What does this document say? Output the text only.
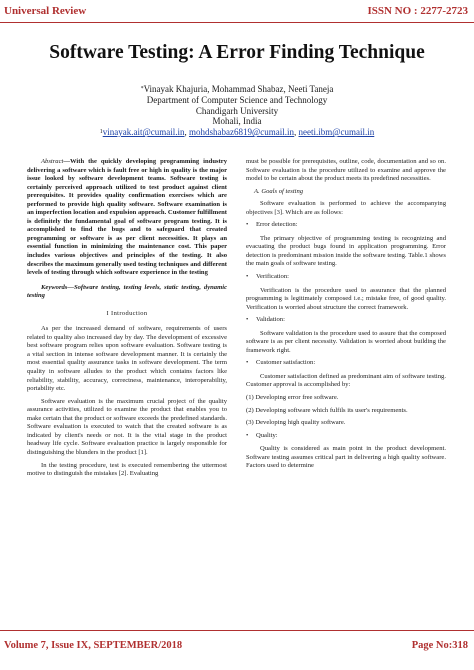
Universal Review	ISSN NO : 2277-2723
Software Testing: A Error Finding Technique
*Vinayak Khajuria, Mohammad Shabaz, Neeti Taneja
Department of Computer Science and Technology
Chandigarh University
Mohali, India
$^1$vinayak.ait@cumail.in, mohdshabaz6819@cumail.in, neeti.ibm@cumail.in

Abstract—With the quickly developing programming industry delivering a software which is fault free or high in quality is the major issue looked by software development teams. Software testing is certainly perceived approach utilized to test product against client prerequisites. It provides quality confirmation exercises which are performed to provide high quality software. Software examination is an imperfection location and expulsion approach. Customer fulfillment is definitely the fundamental goal of software program testing. It is accomplished to find the bugs and to safeguard that created programming or software is as per client necessities. It plays an essential function in minimizing the maintenance cost. This paper includes various objectives and principles of the testing. It also describes the maximum generally used testing techniques and different levels of testing through which software experience in the testing

Keywords—Software testing, testing levels, static testing, dynamic testing

I Introduction

As per the increased demand of software, requirements of users related to quality also increased day by day. The development of excessive best software program relies upon software evaluation. Software testing is a vital section in intense software development manner. It is certainly the most essential quality assurance tasks in software development. The term quality in software alludes to the product which contains factors like reliability, stability, accuracy, correctness, maintenance, interoperability, portability etc.

Software evaluation is the maximum crucial project of the quality assurance activities, utilized to examine the product that enables you to make certain that the product or software exceeds the predefined standards. Software evaluation is executed to watch that the created software is as indicated by client's needs or not. It is the vital stage in the product headway life cycle. Software evaluation practice is largely responsible for distinguishing the blunders in the product [1].

In the testing procedure, test is executed remembering the uttermost motive to distinguish the mistakes [2]. Evaluating

must be possible for prerequisites, outline, code, documentation and so on. Software evaluation is the procedure utilized to examine and approve the model to be certain about the product meets its predefined necessities.

A. Goals of testing

Software evaluation is performed to achieve the accompanying objectives [3]. Which are as follows:

• Error detection:

The primary objective of programming testing is recognizing and evacuating the product bugs found in application programming. Error detection is predominant mission inside the software testing. Table.1 shows the main goals of software testing.

• Verification:

Verification is the procedure used to assurance that the planned programming is legitimately composed i.e.; mistake free, of good quality. Verification is worried about structure the correct framework.

• Validation:

Software validation is the procedure used to assure that the composed software is as per client necessity. Validation is worried about building the framework right.

• Customer satisfaction:

Customer satisfaction defined as predominant aim of software testing. Customer approval is accomplished by:

(1) Developing error free software.
(2) Developing software which fulfils its user's requirements.
(3) Developing high quality software.
• Quality:

Quality is considered as main point in the product development. Software testing assumes critical part in delivering a high quality software. Factors used to determine

Volume 7, Issue IX, SEPTEMBER/2018	Page No:318
